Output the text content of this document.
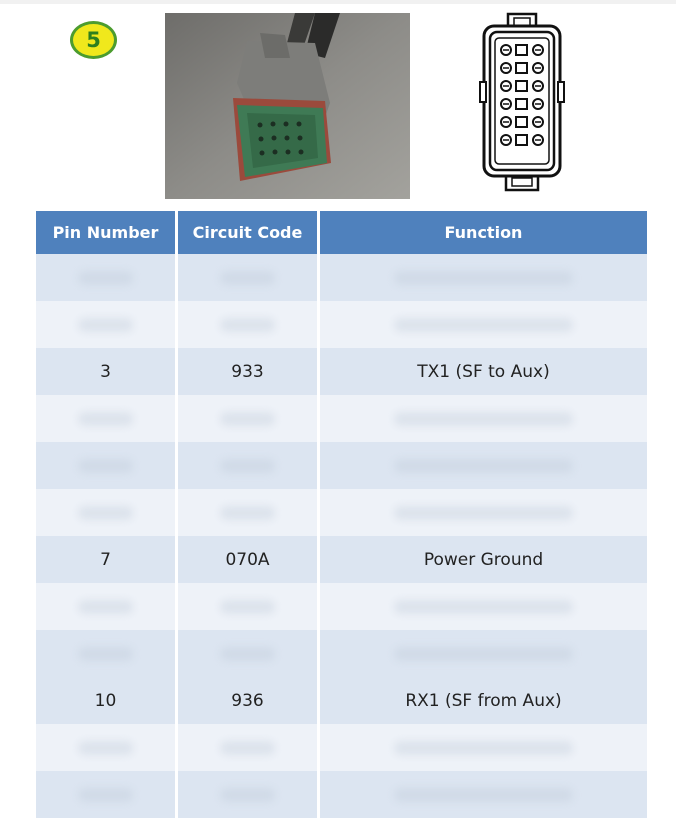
5
Pin Number	Circuit Code	Function

3	933	TX1 (SF to Aux)

7	070A	Power Ground

10	936	RX1 (SF from Aux)
